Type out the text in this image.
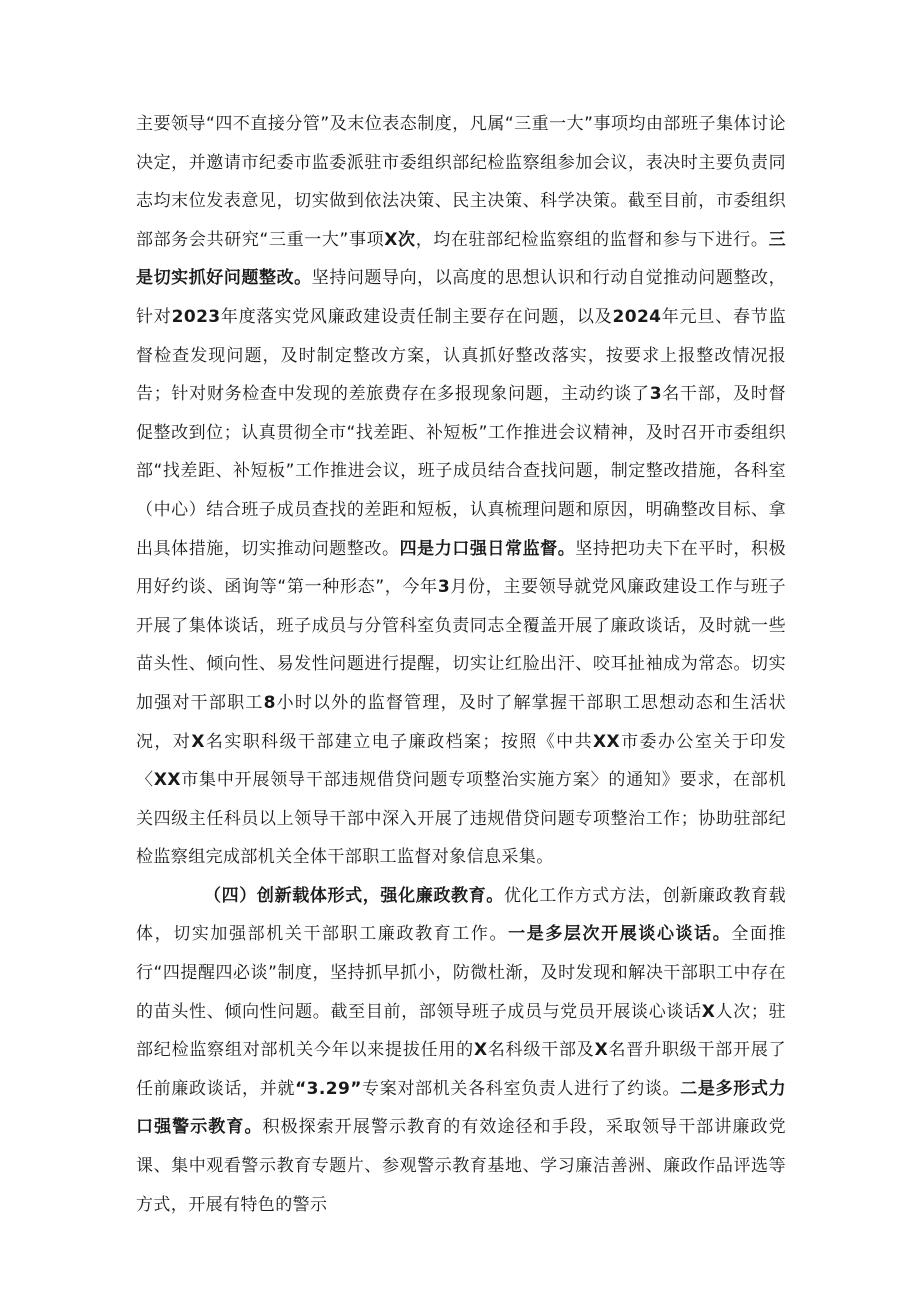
主要领导“四不直接分管”及末位表态制度，凡属“三重一大”事项均由部班子集体讨论决定，并邀请市纪委市监委派驻市委组织部纪检监察组参加会议，表决时主要负责同志均末位发表意见，切实做到依法决策、民主决策、科学决策。截至目前，市委组织部部务会共研究“三重一大”事项X次，均在驻部纪检监察组的监督和参与下进行。三是切实抓好问题整改。坚持问题导向，以高度的思想认识和行动自觉推动问题整改，针对2023年度落实党风廉政建设责任制主要存在问题，以及2024年元旦、春节监督检查发现问题，及时制定整改方案，认真抓好整改落实，按要求上报整改情况报告；针对财务检查中发现的差旅费存在多报现象问题，主动约谈了3名干部，及时督促整改到位；认真贯彻全市“找差距、补短板”工作推进会议精神，及时召开市委组织部“找差距、补短板”工作推进会议，班子成员结合查找问题，制定整改措施，各科室（中心）结合班子成员查找的差距和短板，认真梳理问题和原因，明确整改目标、拿出具体措施，切实推动问题整改。四是力口强日常监督。坚持把功夫下在平时，积极用好约谈、函询等“第一种形态”，今年3月份，主要领导就党风廉政建设工作与班子开展了集体谈话，班子成员与分管科室负责同志全覆盖开展了廉政谈话，及时就一些苗头性、倾向性、易发性问题进行提醒，切实让红脸出汗、咬耳扯袖成为常态。切实加强对干部职工8小时以外的监督管理，及时了解掌握干部职工思想动态和生活状况，对X名实职科级干部建立电子廉政档案；按照《中共XX市委办公室关于印发〈XX市集中开展领导干部违规借贷问题专项整治实施方案〉的通知》要求，在部机关四级主任科员以上领导干部中深入开展了违规借贷问题专项整治工作；协助驻部纪检监察组完成部机关全体干部职工监督对象信息采集。

（四）创新载体形式，强化廉政教育。优化工作方式方法，创新廉政教育载体，切实加强部机关干部职工廉政教育工作。一是多层次开展谈心谈话。全面推行“四提醒四必谈”制度，坚持抓早抓小，防微杜渐，及时发现和解决干部职工中存在的苗头性、倾向性问题。截至目前，部领导班子成员与党员开展谈心谈话X人次；驻部纪检监察组对部机关今年以来提拔任用的X名科级干部及X名晋升职级干部开展了任前廉政谈话，并就“3.29”专案对部机关各科室负责人进行了约谈。二是多形式力口强警示教育。积极探索开展警示教育的有效途径和手段，采取领导干部讲廉政党课、集中观看警示教育专题片、参观警示教育基地、学习廉洁善洲、廉政作品评选等方式，开展有特色的警示
